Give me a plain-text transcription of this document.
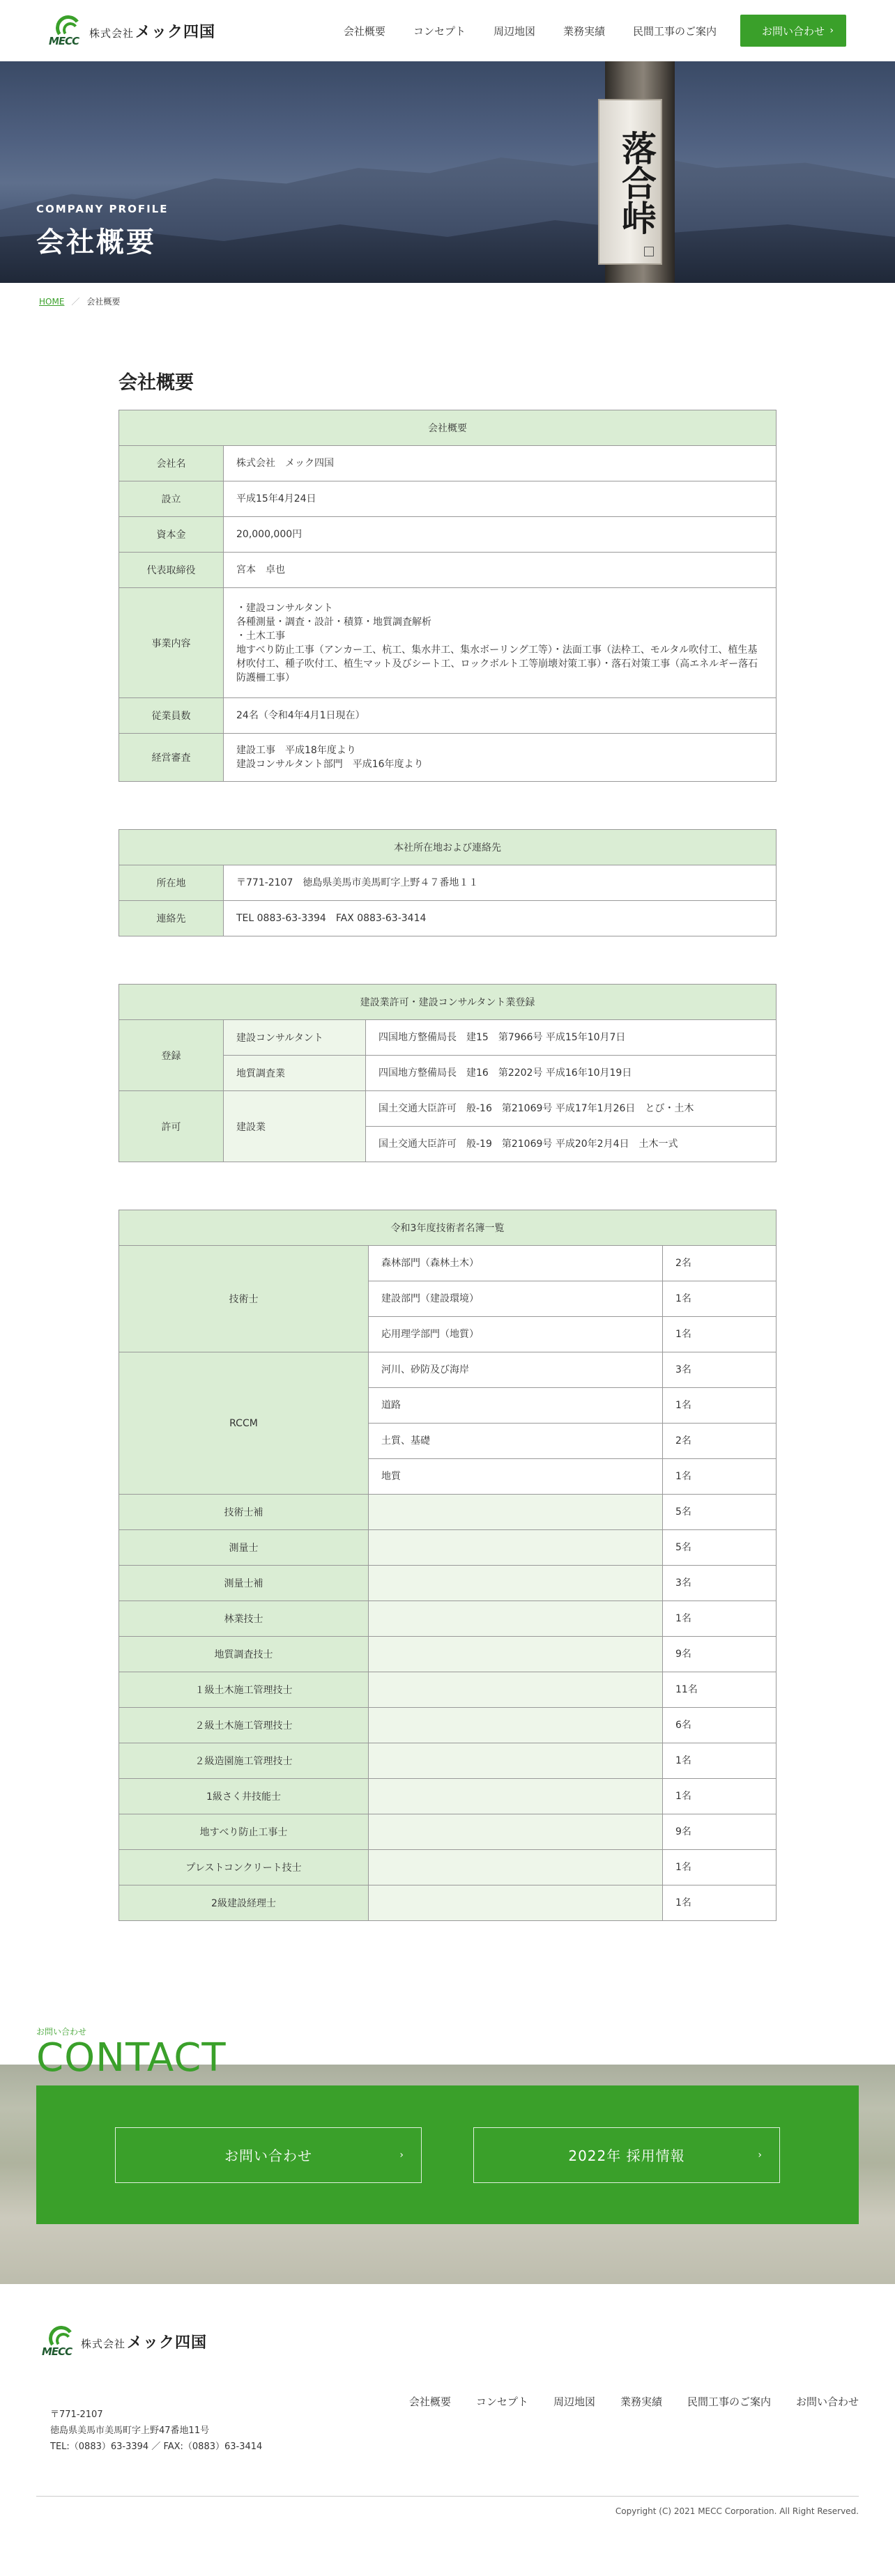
MECC
株式会社メック四国	会社概要	コンセプト	周辺地図	業務実績	民間工事のご案内	お問い合わせ ›
落合峠
COMPANY PROFILE
会社概要
HOME ／ 会社概要
会社概要
会社概要	
会社名	株式会社　メック四国
設立	平成15年4月24日
資本金	20,000,000円
代表取締役	宮本　卓也
事業内容	・建設コンサルタント
各種測量・調査・設計・積算・地質調査解析
・土木工事
地すべり防止工事（アンカー工、杭工、集水井工、集水ボーリング工等）・法面工事（法枠工、モルタル吹付工、植生基材吹付工、種子吹付工、植生マット及びシート工、ロックボルト工等崩壊対策工事）・落石対策工事（高エネルギー落石防護柵工事）
従業員数	24名（令和4年4月1日現在）
経営審査	建設工事　平成18年度より
建設コンサルタント部門　平成16年度より
本社所在地および連絡先	
所在地	〒771-2107　徳島県美馬市美馬町字上野４７番地１１
連絡先	TEL 0883-63-3394　FAX 0883-63-3414
建設業許可・建設コンサルタント業登録		
登録	建設コンサルタント	四国地方整備局長　建15　第7966号 平成15年10月7日
	地質調査業	四国地方整備局長　建16　第2202号 平成16年10月19日
許可	建設業	国土交通大臣許可　般-16　第21069号 平成17年1月26日　とび・土木
		国土交通大臣許可　般-19　第21069号 平成20年2月4日　土木一式
令和3年度技術者名簿一覧		
技術士	森林部門（森林土木）	2名
	建設部門（建設環境）	1名
	応用理学部門（地質）	1名
RCCM	河川、砂防及び海岸	3名
	道路	1名
	土質、基礎	2名
	地質	1名
技術士補		5名
測量士		5名
測量士補		3名
林業技士		1名
地質調査技士		9名
１級土木施工管理技士		11名
２級土木施工管理技士		6名
２級造園施工管理技士		1名
1級さく井技能士		1名
地すべり防止工事士		9名
プレストコンクリート技士		1名
2級建設経理士		1名
お問い合わせ
CONTACT
お問い合わせ	›	2022年 採用情報	›
MECC
株式会社メック四国
会社概要 コンセプト 周辺地図 業務実績 民間工事のご案内 お問い合わせ
〒771-2107
徳島県美馬市美馬町字上野47番地11号
TEL:（0883）63-3394 ／ FAX:（0883）63-3414
Copyright (C) 2021 MECC Corporation. All Right Reserved.
